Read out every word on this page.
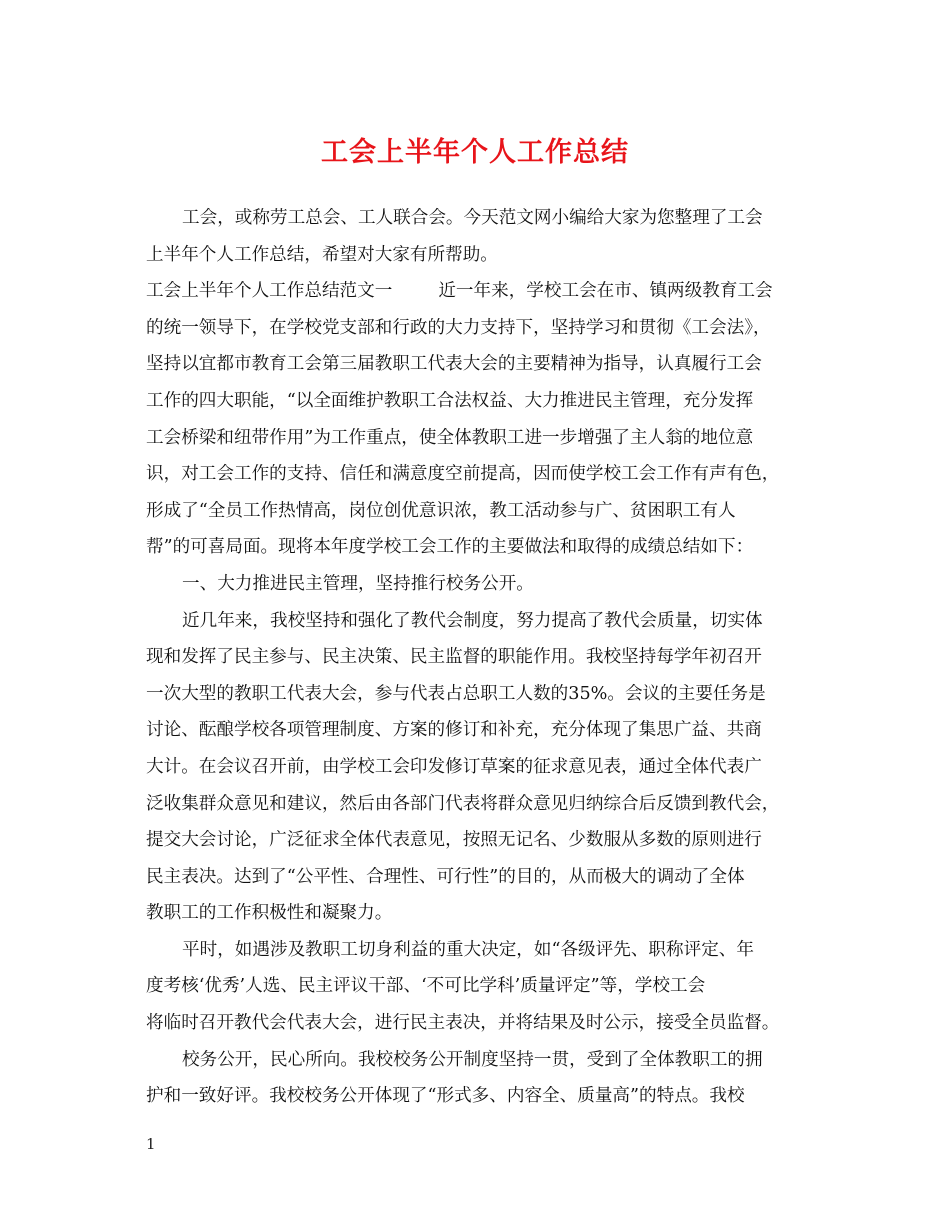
工会上半年个人工作总结
工会，或称劳工总会、工人联合会。今天范文网小编给大家为您整理了工会
上半年个人工作总结，希望对大家有所帮助。
工会上半年个人工作总结范文一	近一年来，学校工会在市、镇两级教育工会
的统一领导下，在学校党支部和行政的大力支持下，坚持学习和贯彻《工会法》，
坚持以宜都市教育工会第三届教职工代表大会的主要精神为指导，认真履行工会
工作的四大职能，“以全面维护教职工合法权益、大力推进民主管理，充分发挥
工会桥梁和纽带作用”为工作重点，使全体教职工进一步增强了主人翁的地位意
识，对工会工作的支持、信任和满意度空前提高，因而使学校工会工作有声有色，
形成了“全员工作热情高，岗位创优意识浓，教工活动参与广、贫困职工有人
帮”的可喜局面。现将本年度学校工会工作的主要做法和取得的成绩总结如下：
一、大力推进民主管理，坚持推行校务公开。
近几年来，我校坚持和强化了教代会制度，努力提高了教代会质量，切实体
现和发挥了民主参与、民主决策、民主监督的职能作用。我校坚持每学年初召开
一次大型的教职工代表大会，参与代表占总职工人数的35%。会议的主要任务是
讨论、酝酿学校各项管理制度、方案的修订和补充，充分体现了集思广益、共商
大计。在会议召开前，由学校工会印发修订草案的征求意见表，通过全体代表广
泛收集群众意见和建议，然后由各部门代表将群众意见归纳综合后反馈到教代会，
提交大会讨论，广泛征求全体代表意见，按照无记名、少数服从多数的原则进行
民主表决。达到了“公平性、合理性、可行性”的目的，从而极大的调动了全体
教职工的工作积极性和凝聚力。
平时，如遇涉及教职工切身利益的重大决定，如“各级评先、职称评定、年
度考核‘优秀’人选、民主评议干部、‘不可比学科’质量评定”等，学校工会
将临时召开教代会代表大会，进行民主表决，并将结果及时公示，接受全员监督。
校务公开，民心所向。我校校务公开制度坚持一贯，受到了全体教职工的拥
护和一致好评。我校校务公开体现了“形式多、内容全、质量高”的特点。我校
1
